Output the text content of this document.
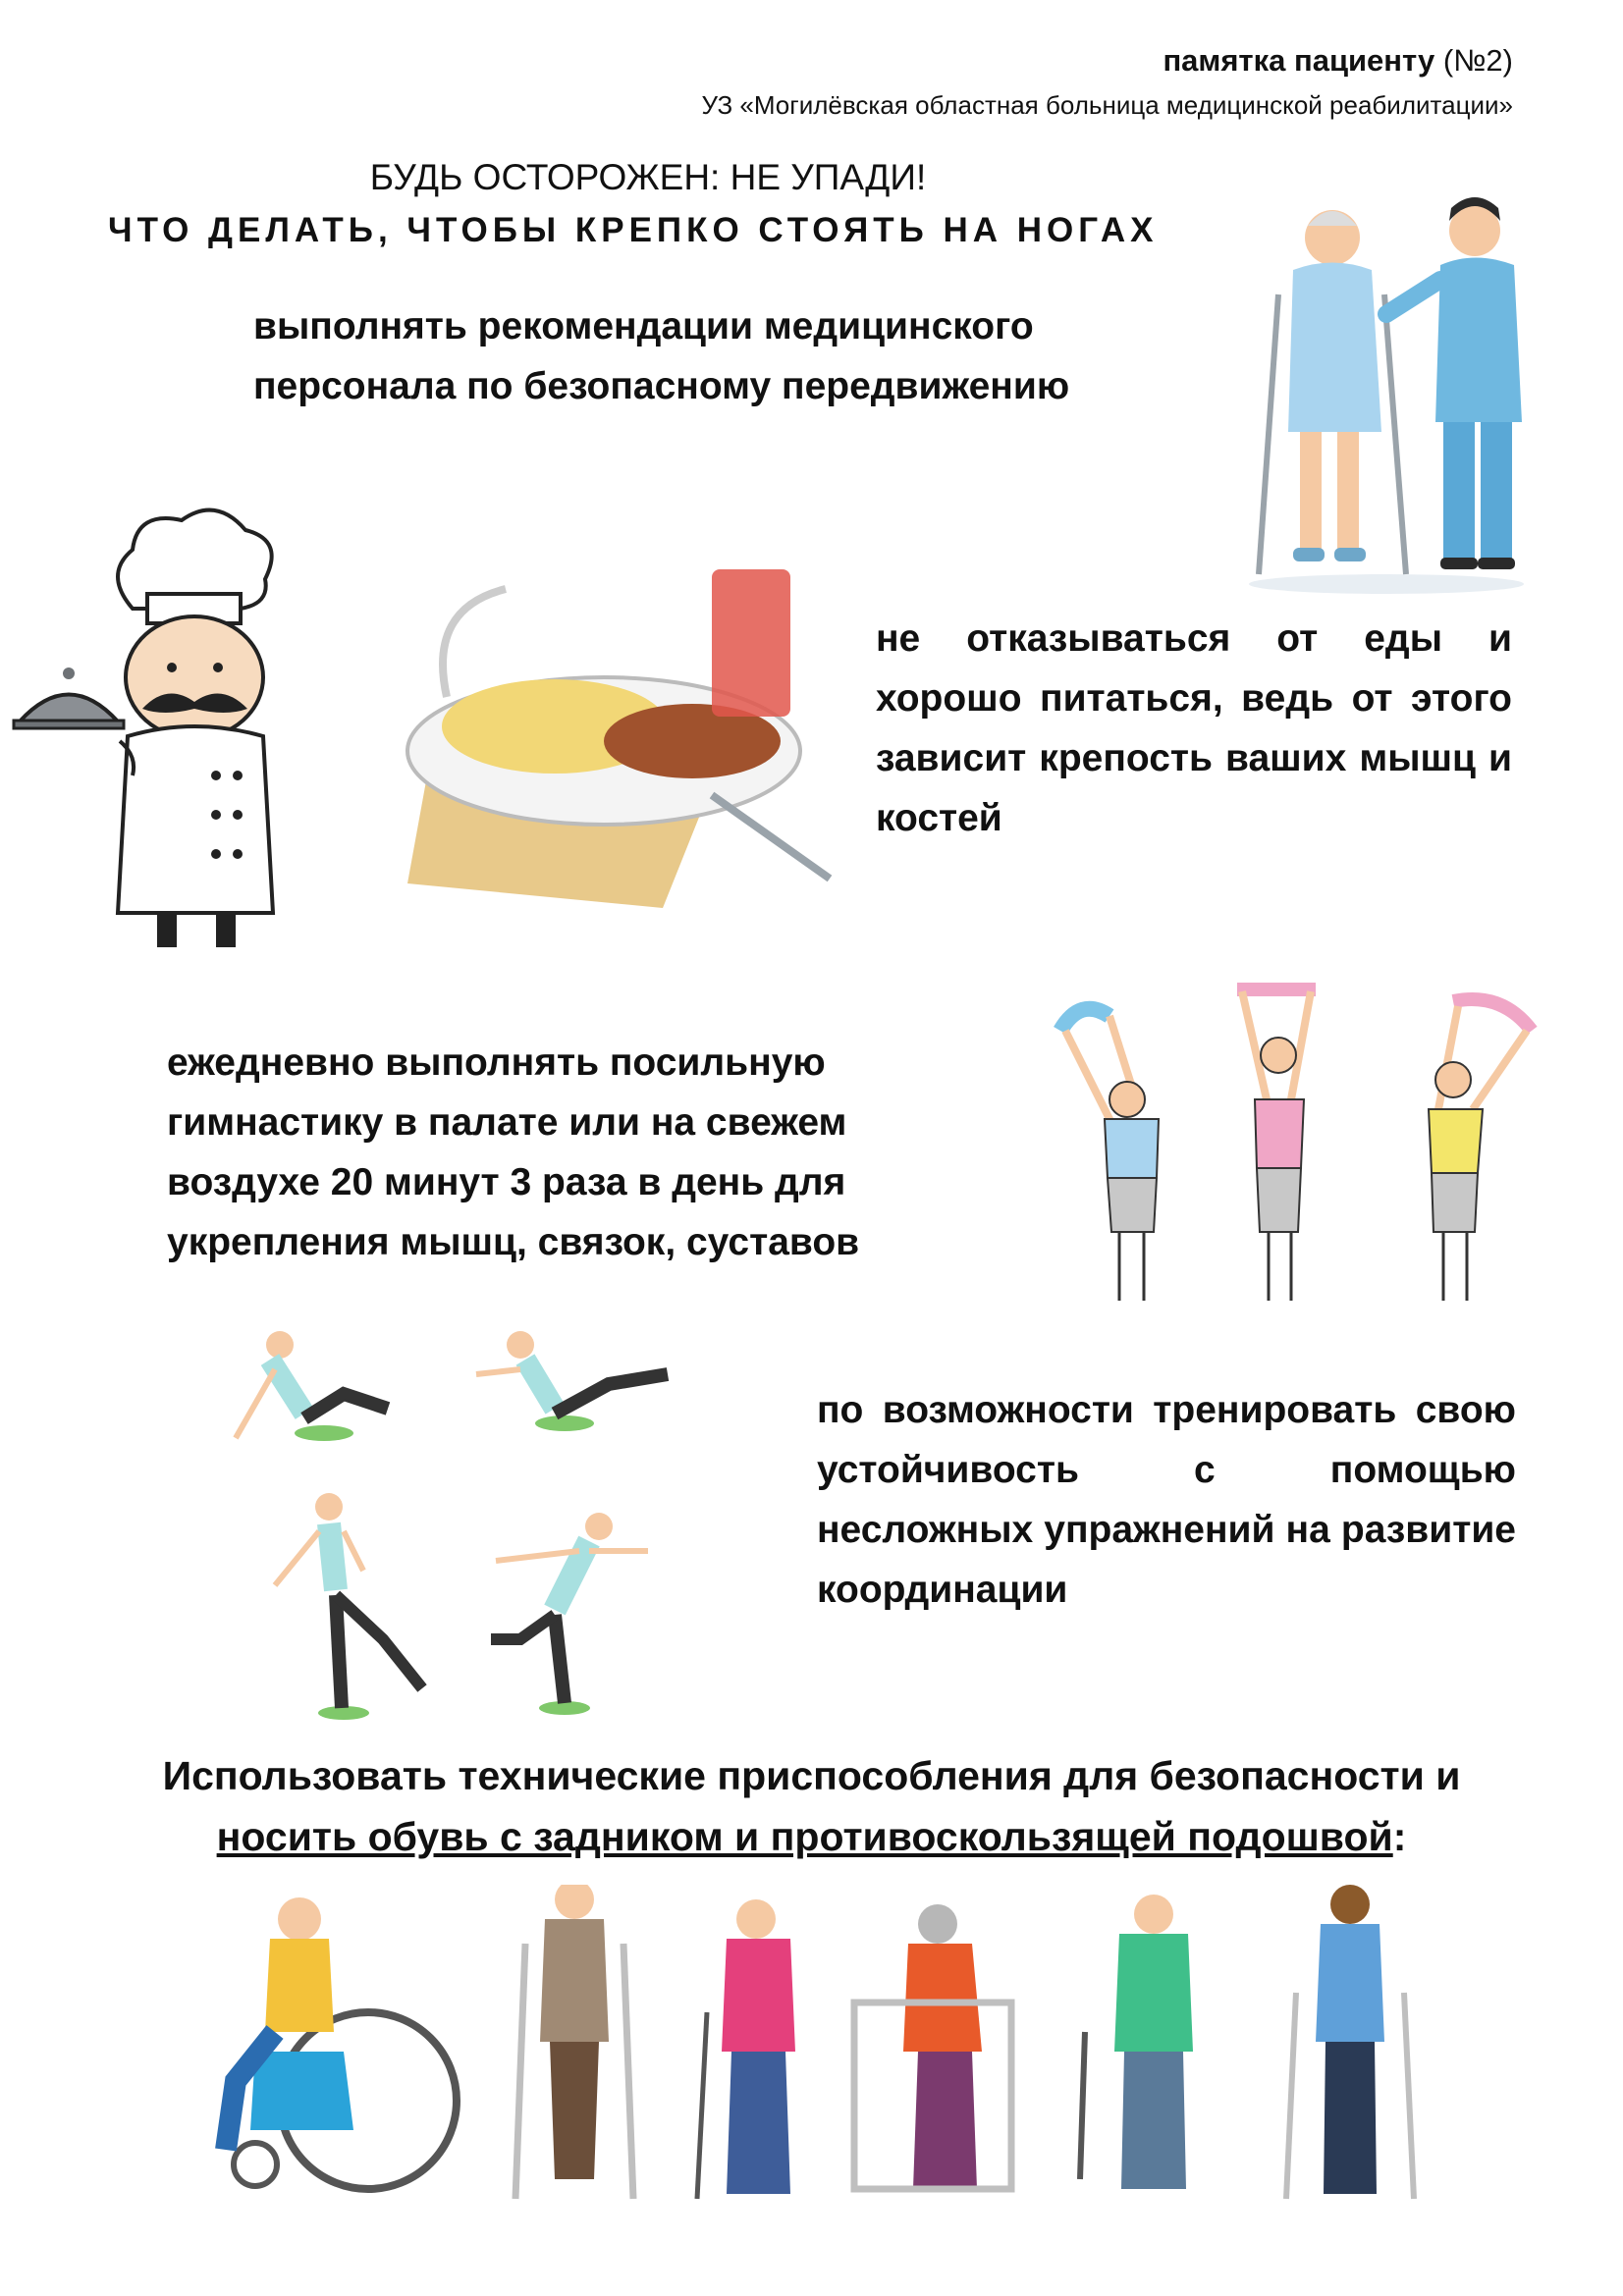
памятка пациенту (№2)
УЗ «Могилёвская областная больница медицинской реабилитации»
БУДЬ ОСТОРОЖЕН: НЕ УПАДИ!
ЧТО ДЕЛАТЬ, ЧТОБЫ КРЕПКО СТОЯТЬ НА НОГАХ
выполнять рекомендации медицинского
персонала по безопасному передвижению
не отказываться от еды и хорошо питаться, ведь от этого зависит крепость ваших мышц и костей
ежедневно выполнять посильную
гимнастику в палате или на свежем
воздухе 20 минут 3 раза в день для
укрепления мышц, связок, суставов
по возможности тренировать свою устойчивость с помощью несложных упражнений на развитие координации
Использовать технические приспособления для безопасности и
носить обувь с задником и противоскользящей подошвой:
